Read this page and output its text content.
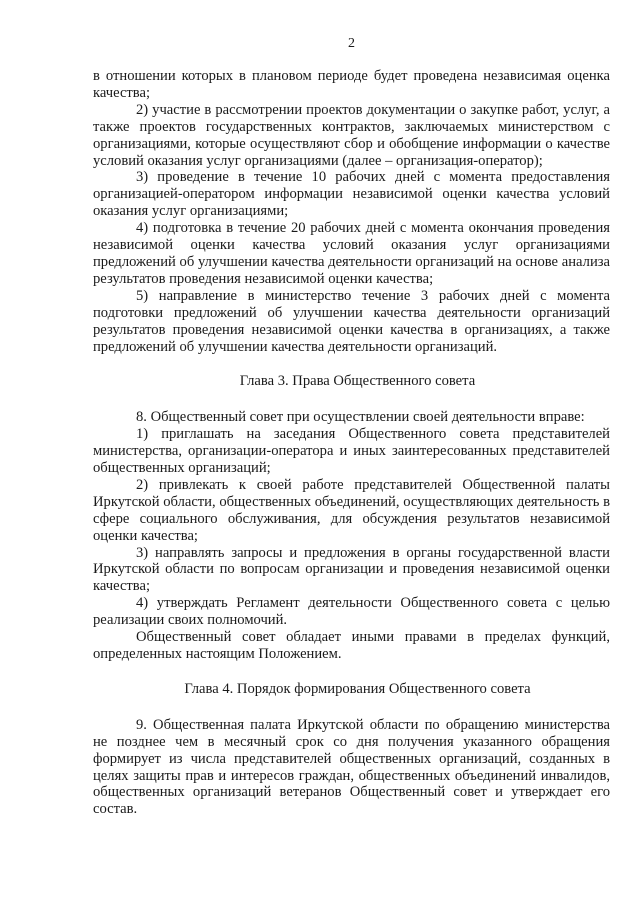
2

в отношении которых в плановом периоде будет проведена независимая оценка качества;

2) участие в рассмотрении проектов документации о закупке работ, услуг, а также проектов государственных контрактов, заключаемых министерством с организациями, которые осуществляют сбор и обобщение информации о качестве условий оказания услуг организациями (далее – организация-оператор);

3) проведение в течение 10 рабочих дней с момента предоставления организацией-оператором информации независимой оценки качества условий оказания услуг организациями;

4) подготовка в течение 20 рабочих дней с момента окончания проведения независимой оценки качества условий оказания услуг организациями предложений об улучшении качества деятельности организаций на основе анализа результатов проведения независимой оценки качества;

5) направление в министерство течение 3 рабочих дней с момента подготовки предложений об улучшении качества деятельности организаций результатов проведения независимой оценки качества в организациях, а также предложений об улучшении качества деятельности организаций.

Глава 3. Права Общественного совета

8. Общественный совет при осуществлении своей деятельности вправе:

1) приглашать на заседания Общественного совета представителей министерства, организации-оператора и иных заинтересованных представителей общественных организаций;

2) привлекать к своей работе представителей Общественной палаты Иркутской области, общественных объединений, осуществляющих деятельность в сфере социального обслуживания, для обсуждения результатов независимой оценки качества;

3) направлять запросы и предложения в органы государственной власти Иркутской области по вопросам организации и проведения независимой оценки качества;

4) утверждать Регламент деятельности Общественного совета с целью реализации своих полномочий.

Общественный совет обладает иными правами в пределах функций, определенных настоящим Положением.

Глава 4. Порядок формирования Общественного совета

9. Общественная палата Иркутской области по обращению министерства не позднее чем в месячный срок со дня получения указанного обращения формирует из числа представителей общественных организаций, созданных в целях защиты прав и интересов граждан, общественных объединений инвалидов, общественных организаций ветеранов Общественный совет и утверждает его состав.
